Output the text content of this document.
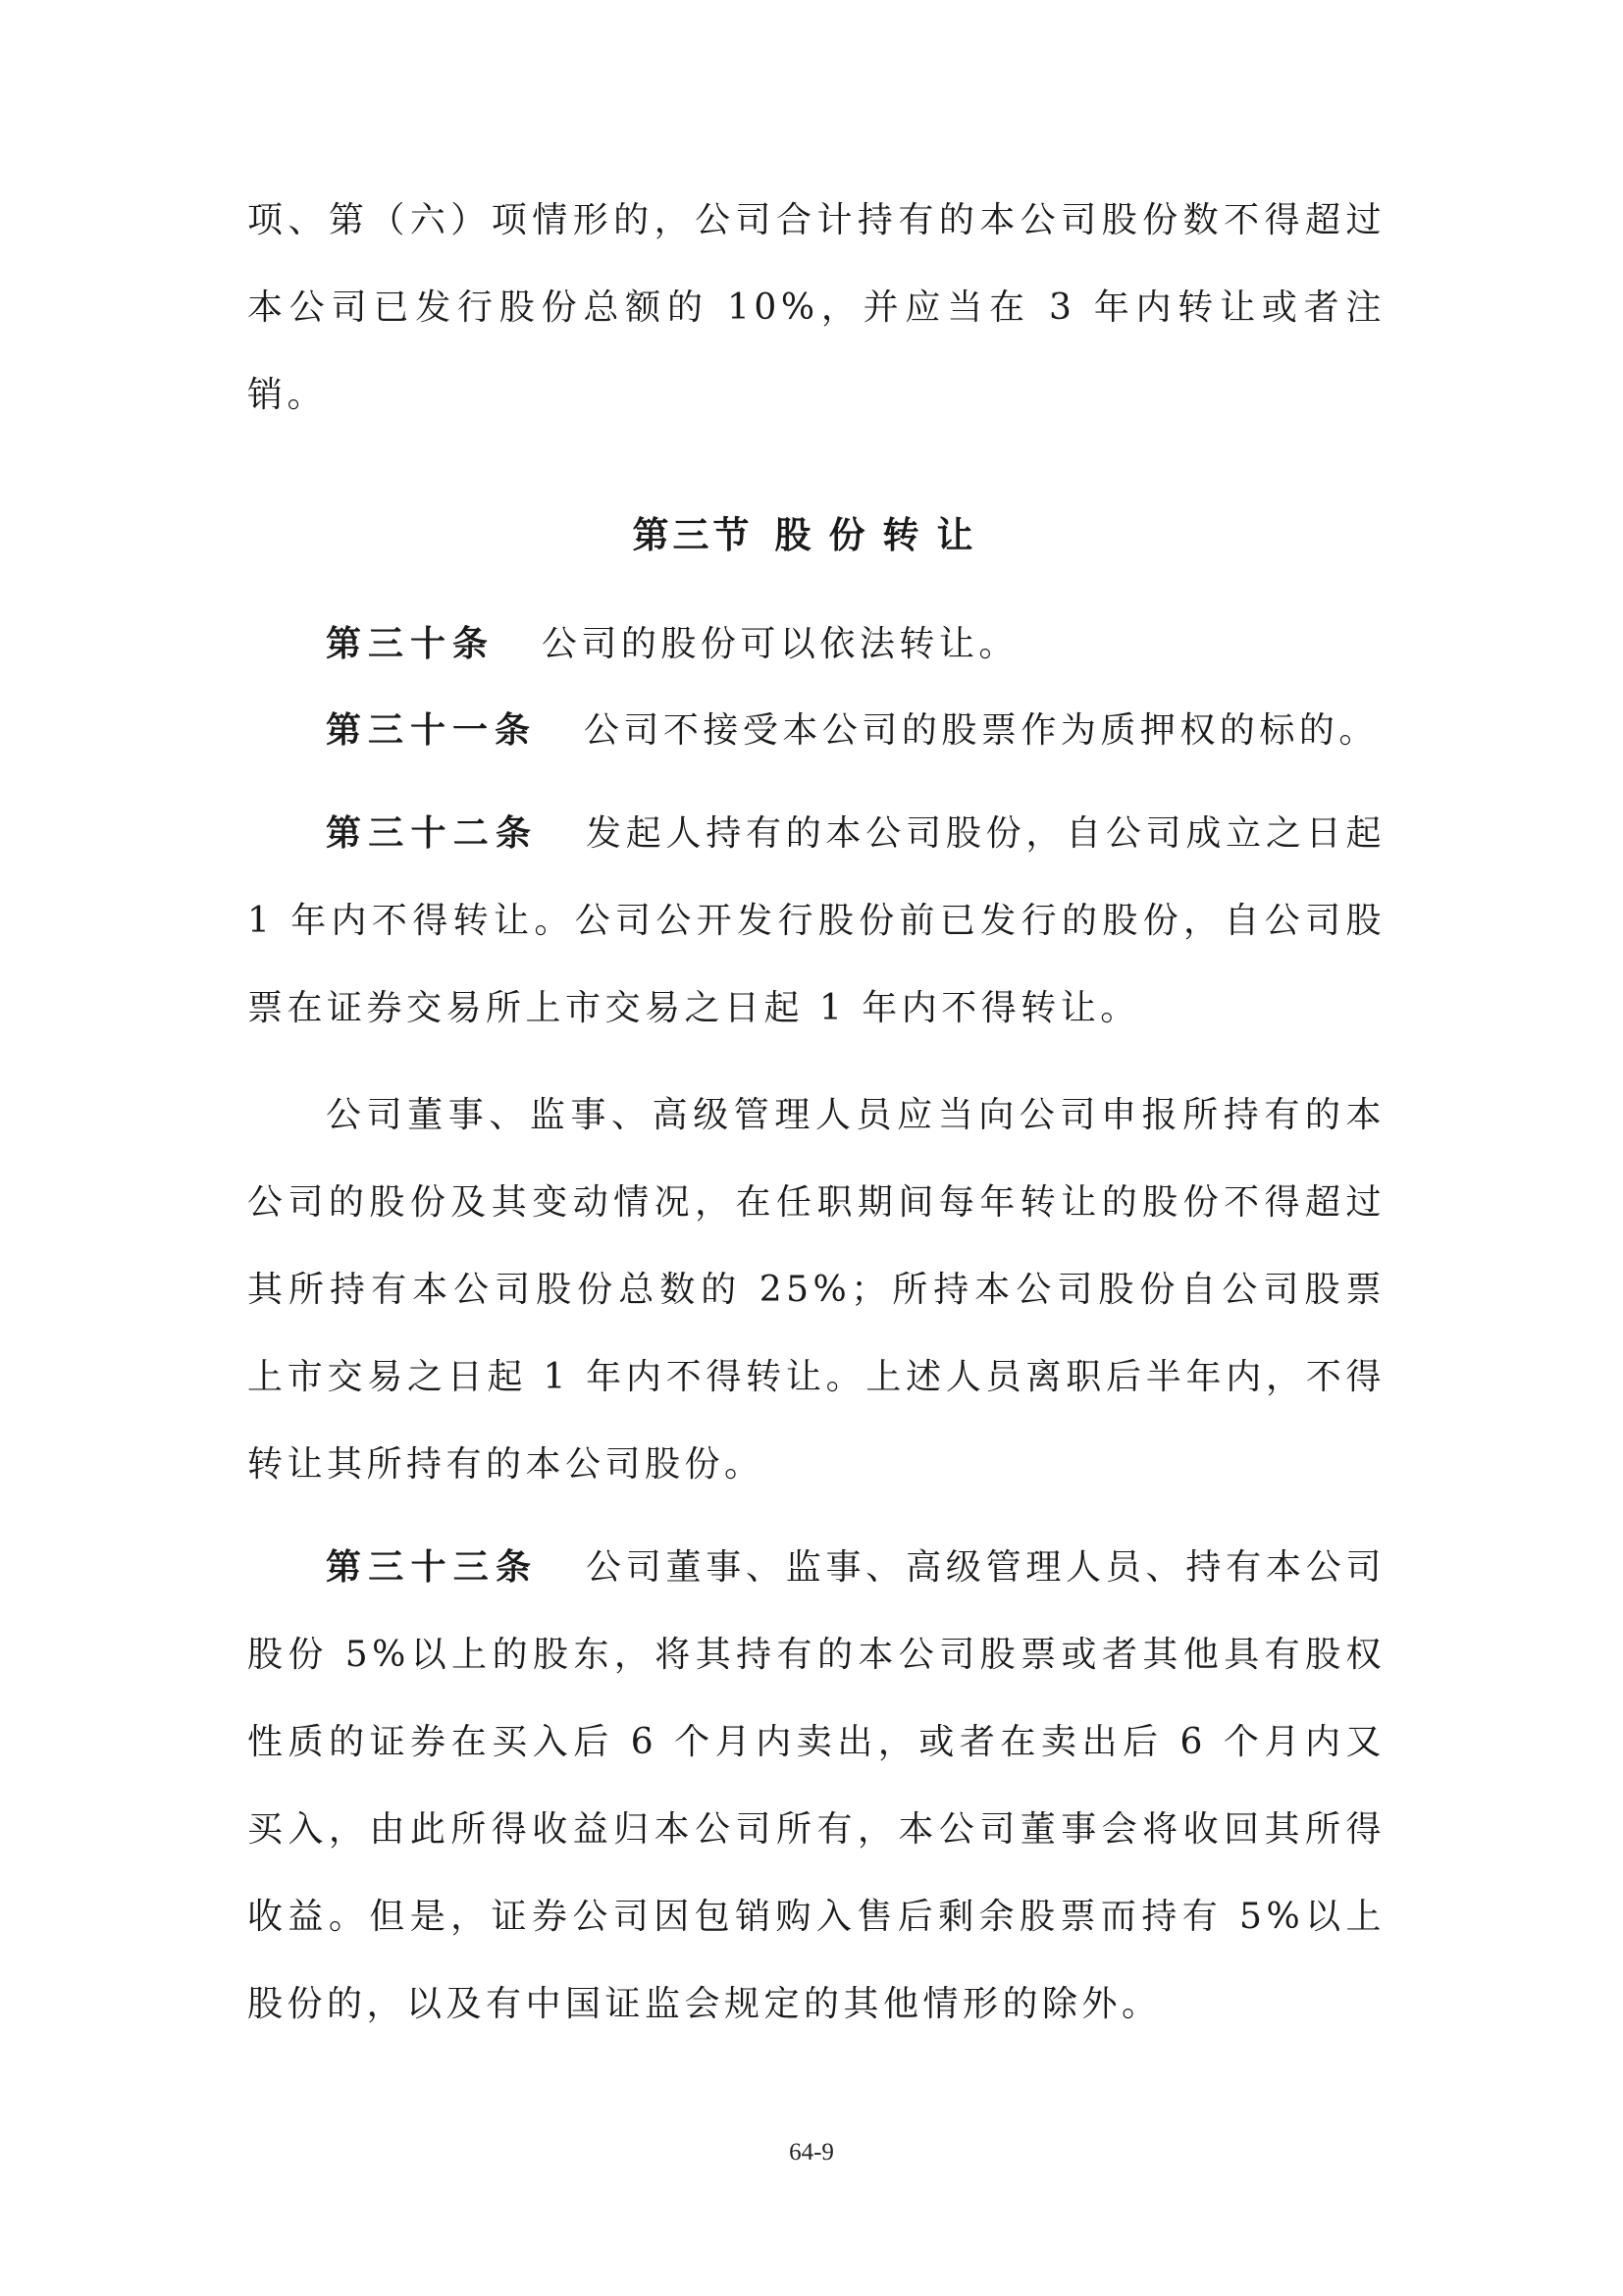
项、第（六）项情形的，公司合计持有的本公司股份数不得超过本公司已发行股份总额的 10%，并应当在 3 年内转让或者注销。

第三节 股份转让

第三十条 公司的股份可以依法转让。

第三十一条 公司不接受本公司的股票作为质押权的标的。

第三十二条 发起人持有的本公司股份，自公司成立之日起 1 年内不得转让。公司公开发行股份前已发行的股份，自公司股票在证券交易所上市交易之日起 1 年内不得转让。

公司董事、监事、高级管理人员应当向公司申报所持有的本公司的股份及其变动情况，在任职期间每年转让的股份不得超过其所持有本公司股份总数的 25%；所持本公司股份自公司股票上市交易之日起 1 年内不得转让。上述人员离职后半年内，不得转让其所持有的本公司股份。

第三十三条 公司董事、监事、高级管理人员、持有本公司股份 5%以上的股东，将其持有的本公司股票或者其他具有股权性质的证券在买入后 6 个月内卖出，或者在卖出后 6 个月内又买入，由此所得收益归本公司所有，本公司董事会将收回其所得收益。但是，证券公司因包销购入售后剩余股票而持有 5%以上股份的，以及有中国证监会规定的其他情形的除外。

64-9
